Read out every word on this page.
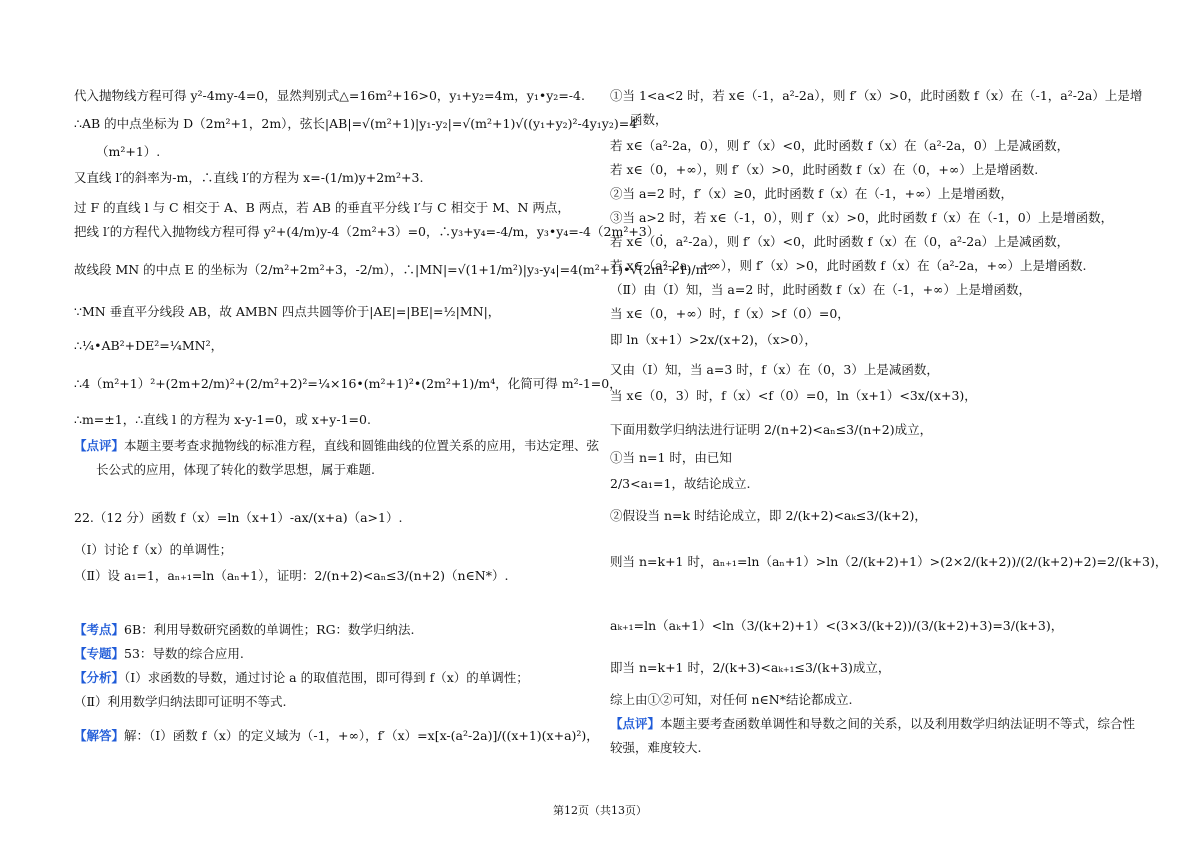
代入抛物线方程可得 y²-4my-4=0，显然判别式△=16m²+16>0，y₁+y₂=4m，y₁•y₂=-4.
∴AB 的中点坐标为 D（2m²+1，2m），弦长|AB|=√(m²+1)|y₁-y₂|=√(m²+1)√((y₁+y₂)²-4y₁y₂)=4
（m²+1）.
又直线 l′的斜率为-m，∴直线 l′的方程为 x=-(1/m)y+2m²+3.
过 F 的直线 l 与 C 相交于 A、B 两点，若 AB 的垂直平分线 l′与 C 相交于 M、N 两点，
把线 l′的方程代入抛物线方程可得 y²+(4/m)y-4（2m²+3）=0，∴y₃+y₄=-4/m，y₃•y₄=-4（2m²+3）.
故线段 MN 的中点 E 的坐标为（2/m²+2m²+3，-2/m），∴|MN|=√(1+1/m²)|y₃-y₄|=4(m²+1)•√(2m²+1)/m²
∵MN 垂直平分线段 AB，故 AMBN 四点共圆等价于|AE|=|BE|=½|MN|，
∴¼•AB²+DE²=¼MN²，
∴4（m²+1）²+(2m+2/m)²+(2/m²+2)²=¼×16•(m²+1)²•(2m²+1)/m⁴，化简可得 m²-1=0，
∴m=±1，∴直线 l 的方程为 x-y-1=0，或 x+y-1=0.
【点评】本题主要考查求抛物线的标准方程，直线和圆锥曲线的位置关系的应用，韦达定理、弦
长公式的应用，体现了转化的数学思想，属于难题.
22.（12 分）函数 f（x）=ln（x+1）-ax/(x+a)（a>1）.
（Ⅰ）讨论 f（x）的单调性；
（Ⅱ）设 a₁=1，aₙ₊₁=ln（aₙ+1），证明：2/(n+2)<aₙ≤3/(n+2)（n∈N*）.
【考点】6B：利用导数研究函数的单调性；RG：数学归纳法.
【专题】53：导数的综合应用.
【分析】（Ⅰ）求函数的导数，通过讨论 a 的取值范围，即可得到 f（x）的单调性；
（Ⅱ）利用数学归纳法即可证明不等式.
【解答】解：（Ⅰ）函数 f（x）的定义域为（-1，+∞），f′（x）=x[x-(a²-2a)]/((x+1)(x+a)²)，
①当 1<a<2 时，若 x∈（-1，a²-2a），则 f′（x）>0，此时函数 f（x）在（-1，a²-2a）上是增
函数，
若 x∈（a²-2a，0），则 f′（x）<0，此时函数 f（x）在（a²-2a，0）上是减函数，
若 x∈（0，+∞），则 f′（x）>0，此时函数 f（x）在（0，+∞）上是增函数.
②当 a=2 时，f′（x）≥0，此时函数 f（x）在（-1，+∞）上是增函数，
③当 a>2 时，若 x∈（-1，0），则 f′（x）>0，此时函数 f（x）在（-1，0）上是增函数，
若 x∈（0，a²-2a），则 f′（x）<0，此时函数 f（x）在（0，a²-2a）上是减函数，
若 x∈（a²-2a，+∞），则 f′（x）>0，此时函数 f（x）在（a²-2a，+∞）上是增函数.
（Ⅱ）由（Ⅰ）知，当 a=2 时，此时函数 f（x）在（-1，+∞）上是增函数，
当 x∈（0，+∞）时，f（x）>f（0）=0，
即 ln（x+1）>2x/(x+2)，（x>0），
又由（Ⅰ）知，当 a=3 时，f（x）在（0，3）上是减函数，
当 x∈（0，3）时，f（x）<f（0）=0，ln（x+1）<3x/(x+3)，
下面用数学归纳法进行证明 2/(n+2)<aₙ≤3/(n+2)成立，
①当 n=1 时，由已知
2/3<a₁=1，故结论成立.
②假设当 n=k 时结论成立，即 2/(k+2)<aₖ≤3/(k+2)，
则当 n=k+1 时，aₙ₊₁=ln（aₙ+1）>ln（2/(k+2)+1）>(2×2/(k+2))/(2/(k+2)+2)=2/(k+3)，
aₖ₊₁=ln（aₖ+1）<ln（3/(k+2)+1）<(3×3/(k+2))/(3/(k+2)+3)=3/(k+3)，
即当 n=k+1 时，2/(k+3)<aₖ₊₁≤3/(k+3)成立，
综上由①②可知，对任何 n∈N*结论都成立.
【点评】本题主要考查函数单调性和导数之间的关系，以及利用数学归纳法证明不等式，综合性
较强，难度较大.
第12页（共13页）
